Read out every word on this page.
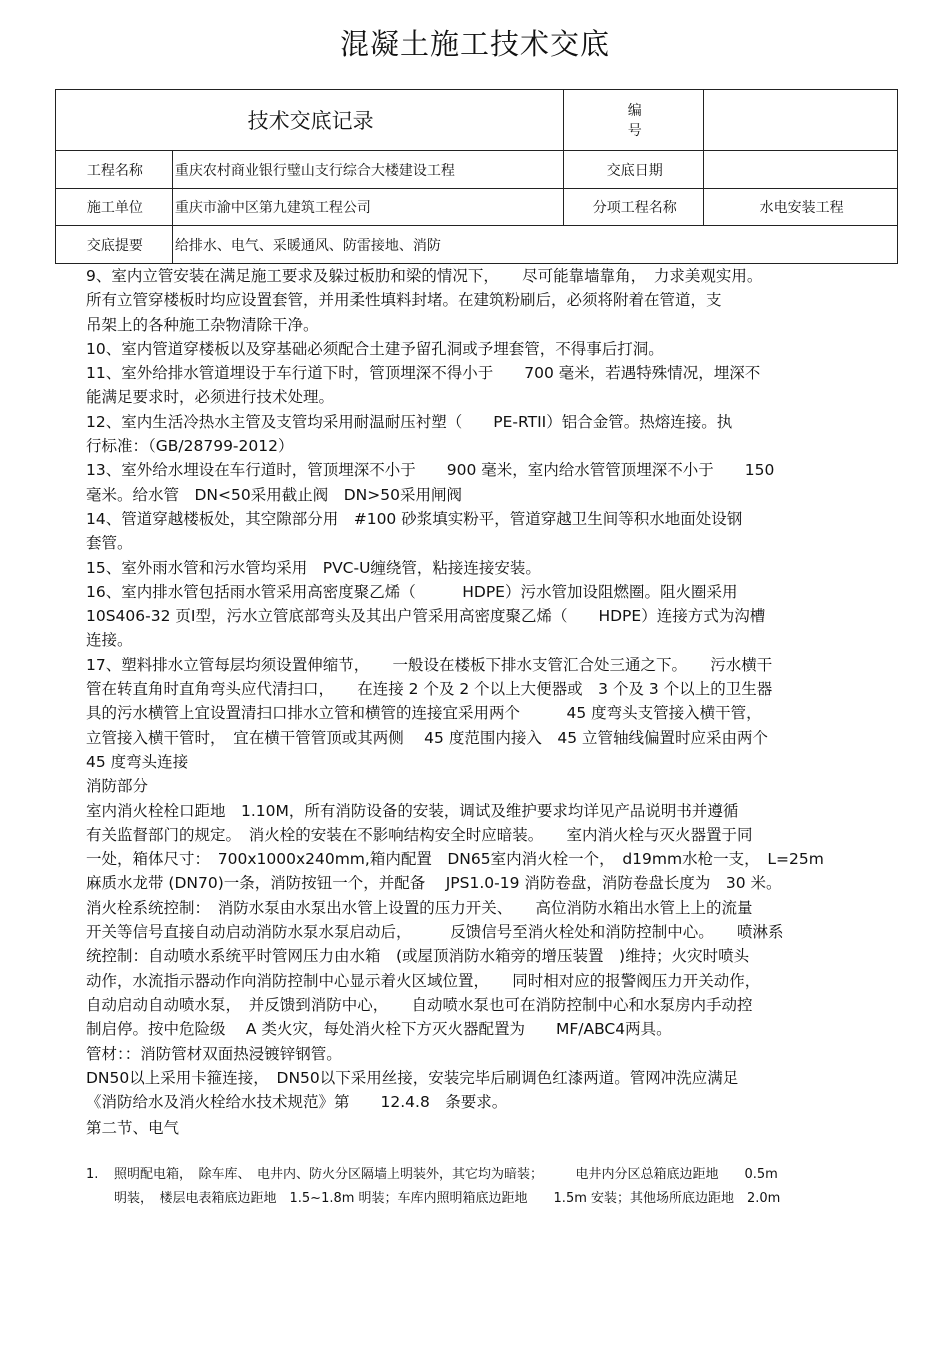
混凝土施工技术交底
技术交底记录		编 号	
工程名称	重庆农村商业银行璧山支行综合大楼建设工程	交底日期	
施工单位	重庆市渝中区第九建筑工程公司	分项工程名称	水电安装工程
交底提要	给排水、电气、采暖通风、防雷接地、消防		

9、室内立管安装在满足施工要求及躲过板肋和梁的情况下，　　尽可能靠墙靠角，　力求美观实用。
所有立管穿楼板时均应设置套管，并用柔性填料封堵。在建筑粉刷后，必须将附着在管道，支
吊架上的各种施工杂物清除干净。

10、室内管道穿楼板以及穿基础必须配合土建予留孔洞或予埋套管，不得事后打洞。

11、室外给排水管道埋设于车行道下时，管顶埋深不得小于　　700 毫米，若遇特殊情况，埋深不
能满足要求时，必须进行技术处理。

12、室内生活冷热水主管及支管均采用耐温耐压衬塑（　　PE-RTII）铝合金管。热熔连接。执
行标准：（GB/28799-2012）

13、室外给水埋设在车行道时，管顶埋深不小于　　900 毫米，室内给水管管顶埋深不小于　　150
毫米。给水管　DN<50采用截止阀　DN>50采用闸阀

14、管道穿越楼板处，其空隙部分用　#100 砂浆填实粉平，管道穿越卫生间等积水地面处设钢
套管。

15、室外雨水管和污水管均采用　PVC-U缠绕管，粘接连接安装。

16、室内排水管包括雨水管采用高密度聚乙烯（　　　HDPE）污水管加设阻燃圈。阻火圈采用
10S406-32 页Ⅰ型，污水立管底部弯头及其出户管采用高密度聚乙烯（　　HDPE）连接方式为沟槽
连接。

17、塑料排水立管每层均须设置伸缩节，　　一般设在楼板下排水支管汇合处三通之下。　　污水横干
管在转直角时直角弯头应代清扫口，　　在连接 2 个及 2 个以上大便器或　3 个及 3 个以上的卫生器
具的污水横管上宜设置清扫口排水立管和横管的连接宜采用两个　　　45 度弯头支管接入横干管，
立管接入横干管时，　宜在横干管管顶或其两侧　 45 度范围内接入　45 立管轴线偏置时应采由两个
45 度弯头连接

消防部分

室内消火栓栓口距地　1.10M，所有消防设备的安装，调试及维护要求均详见产品说明书并遵循
有关监督部门的规定。　消火栓的安装在不影响结构安全时应暗装。　　室内消火栓与灭火器置于同
一处，箱体尺寸：　700x1000x240mm,箱内配置　DN65室内消火栓一个，　d19mm水枪一支，　L=25m
麻质水龙带 (DN70)一条，消防按钮一个，并配备　 JPS1.0-19 消防卷盘，消防卷盘长度为　30 米。
消火栓系统控制：　消防水泵由水泵出水管上设置的压力开关、　　高位消防水箱出水管上上的流量
开关等信号直接自动启动消防水泵水泵启动后，　　　反馈信号至消火栓处和消防控制中心。　　喷淋系
统控制：自动喷水系统平时管网压力由水箱　(或屋顶消防水箱旁的增压装置　)维持；火灾时喷头
动作，水流指示器动作向消防控制中心显示着火区域位置，　　同时相对应的报警阀压力开关动作，
自动启动自动喷水泵，　并反馈到消防中心，　　自动喷水泵也可在消防控制中心和水泵房内手动控
制启停。按中危险级　 A 类火灾，每处消火栓下方灭火器配置为　　MF/ABC4两具。

管材：：消防管材双面热浸镀锌钢管。

DN50以上采用卡箍连接，　DN50以下采用丝接，安装完毕后刷调色红漆两道。管网冲洗应满足
《消防给水及消火栓给水技术规范》第　　12.4.8　条要求。

第二节、电气

1.	照明配电箱，　除车库、　电井内、防火分区隔墙上明装外，其它均为暗装；　　　电井内分区总箱底边距地　　0.5m
明装，　楼层电表箱底边距地　1.5~1.8m 明装；车库内照明箱底边距地　　1.5m 安装；其他场所底边距地　2.0m
